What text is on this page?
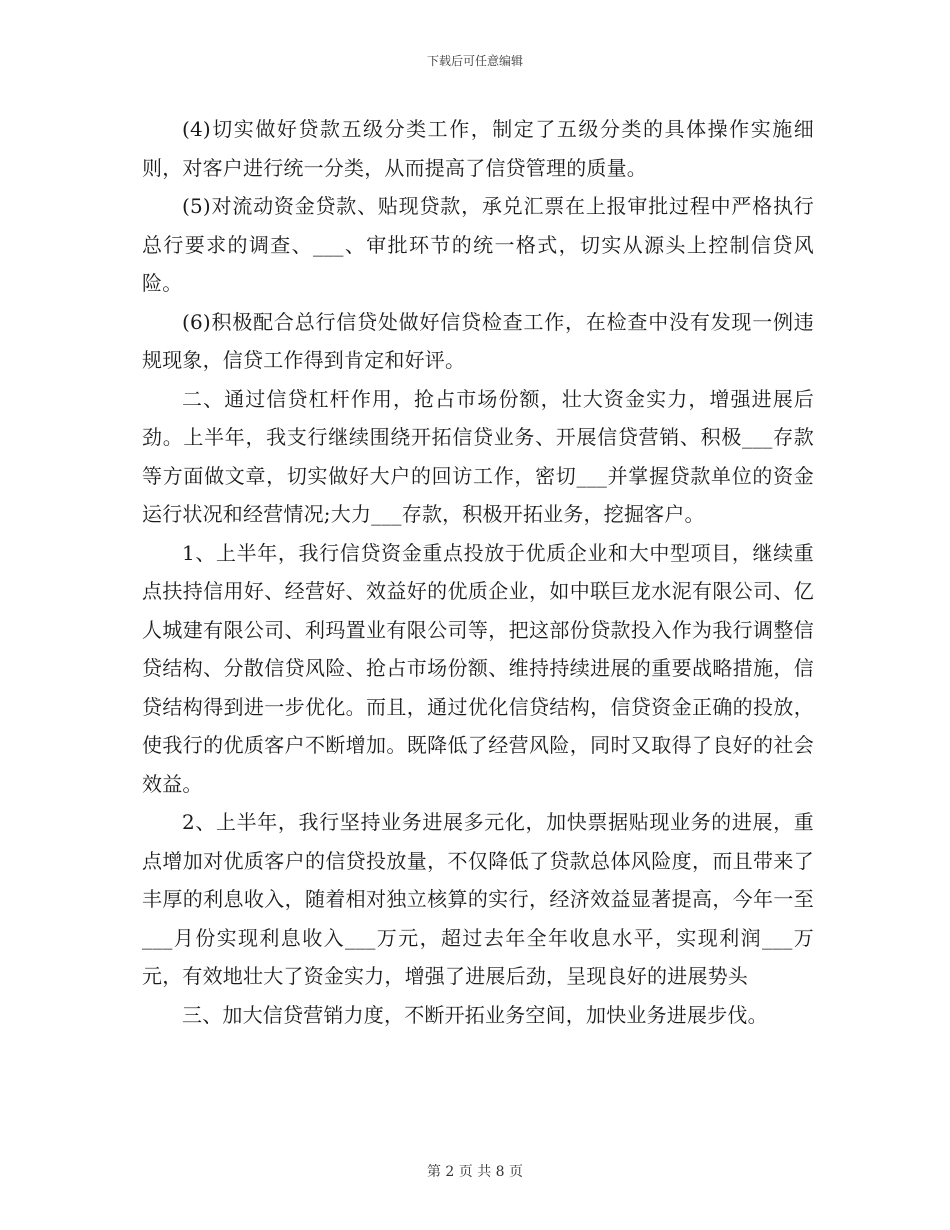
下载后可任意编辑

(4)切实做好贷款五级分类工作，制定了五级分类的具体操作实施细则，对客户进行统一分类，从而提高了信贷管理的质量。

(5)对流动资金贷款、贴现贷款，承兑汇票在上报审批过程中严格执行总行要求的调查、___、审批环节的统一格式，切实从源头上控制信贷风险。

(6)积极配合总行信贷处做好信贷检查工作，在检查中没有发现一例违规现象，信贷工作得到肯定和好评。

二、通过信贷杠杆作用，抢占市场份额，壮大资金实力，增强进展后劲。上半年，我支行继续围绕开拓信贷业务、开展信贷营销、积极___存款等方面做文章，切实做好大户的回访工作，密切___并掌握贷款单位的资金运行状况和经营情况;大力___存款，积极开拓业务，挖掘客户。

1、上半年，我行信贷资金重点投放于优质企业和大中型项目，继续重点扶持信用好、经营好、效益好的优质企业，如中联巨龙水泥有限公司、亿人城建有限公司、利玛置业有限公司等，把这部份贷款投入作为我行调整信贷结构、分散信贷风险、抢占市场份额、维持持续进展的重要战略措施，信贷结构得到进一步优化。而且，通过优化信贷结构，信贷资金正确的投放，使我行的优质客户不断增加。既降低了经营风险，同时又取得了良好的社会效益。

2、上半年，我行坚持业务进展多元化，加快票据贴现业务的进展，重点增加对优质客户的信贷投放量，不仅降低了贷款总体风险度，而且带来了丰厚的利息收入，随着相对独立核算的实行，经济效益显著提高，今年一至___月份实现利息收入___万元，超过去年全年收息水平，实现利润___万元，有效地壮大了资金实力，增强了进展后劲，呈现良好的进展势头

三、加大信贷营销力度，不断开拓业务空间，加快业务进展步伐。

第 2 页 共 8 页
